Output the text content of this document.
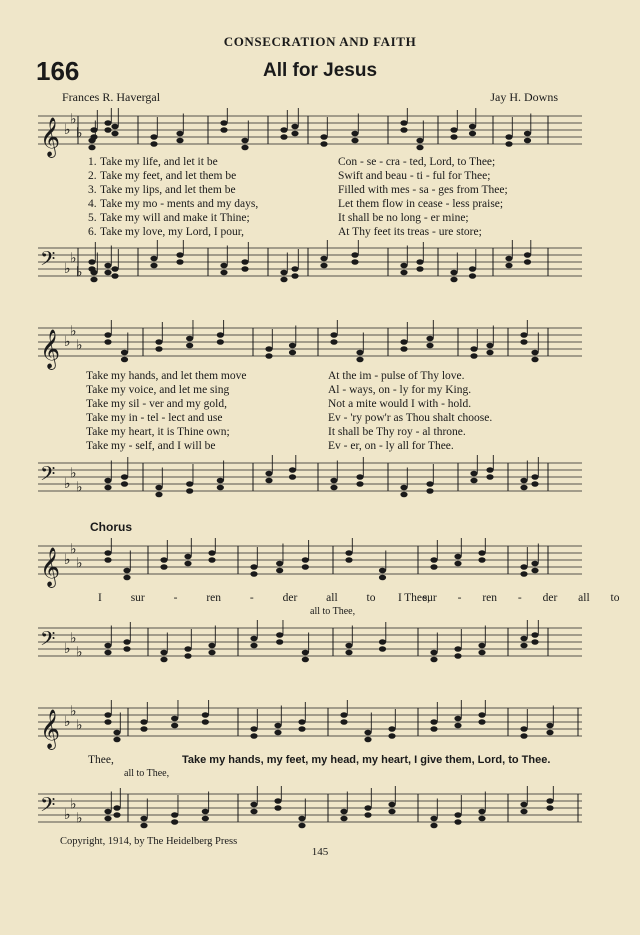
CONSECRATION AND FAITH
166	All for Jesus
Frances R. Havergal	Jay H. Downs
𝄞 ♭
♭
♭
𝄢 ♭
♭
♭
1. Take my life, and let it be	Con - se - cra - ted, Lord, to Thee;
2. Take my feet, and let them be	Swift and beau - ti - ful for Thee;
3. Take my lips, and let them be	Filled with mes - sa - ges from Thee;
4. Take my mo - ments and my days,	Let them flow in cease - less praise;
5. Take my will and make it Thine;	It shall be no long - er mine;
6. Take my love, my Lord, I pour,	At Thy feet its treas - ure store;
𝄞 ♭
♭
♭
𝄢 ♭
♭
♭
Take my hands, and let them move	At the im - pulse of Thy love.
Take my voice, and let me sing	Al - ways, on - ly for my King.
Take my sil - ver and my gold,	Not a mite would I with - hold.
Take my in - tel - lect and use	Ev - 'ry pow'r as Thou shalt choose.
Take my heart, it is Thine own;	It shall be Thy roy - al throne.
Take my - self, and I will be	Ev - er, on - ly all for Thee.
Chorus
𝄞 ♭
♭
♭
𝄢 ♭
♭
♭
I sur - ren - der all to Thee,
I sur - ren - der all to
all to Thee,
𝄞 ♭
♭
♭
𝄢 ♭
♭
♭
Thee,	Take my hands, my feet, my head, my heart, I give them, Lord, to Thee.
all to Thee,
Copyright, 1914, by The Heidelberg Press
145
